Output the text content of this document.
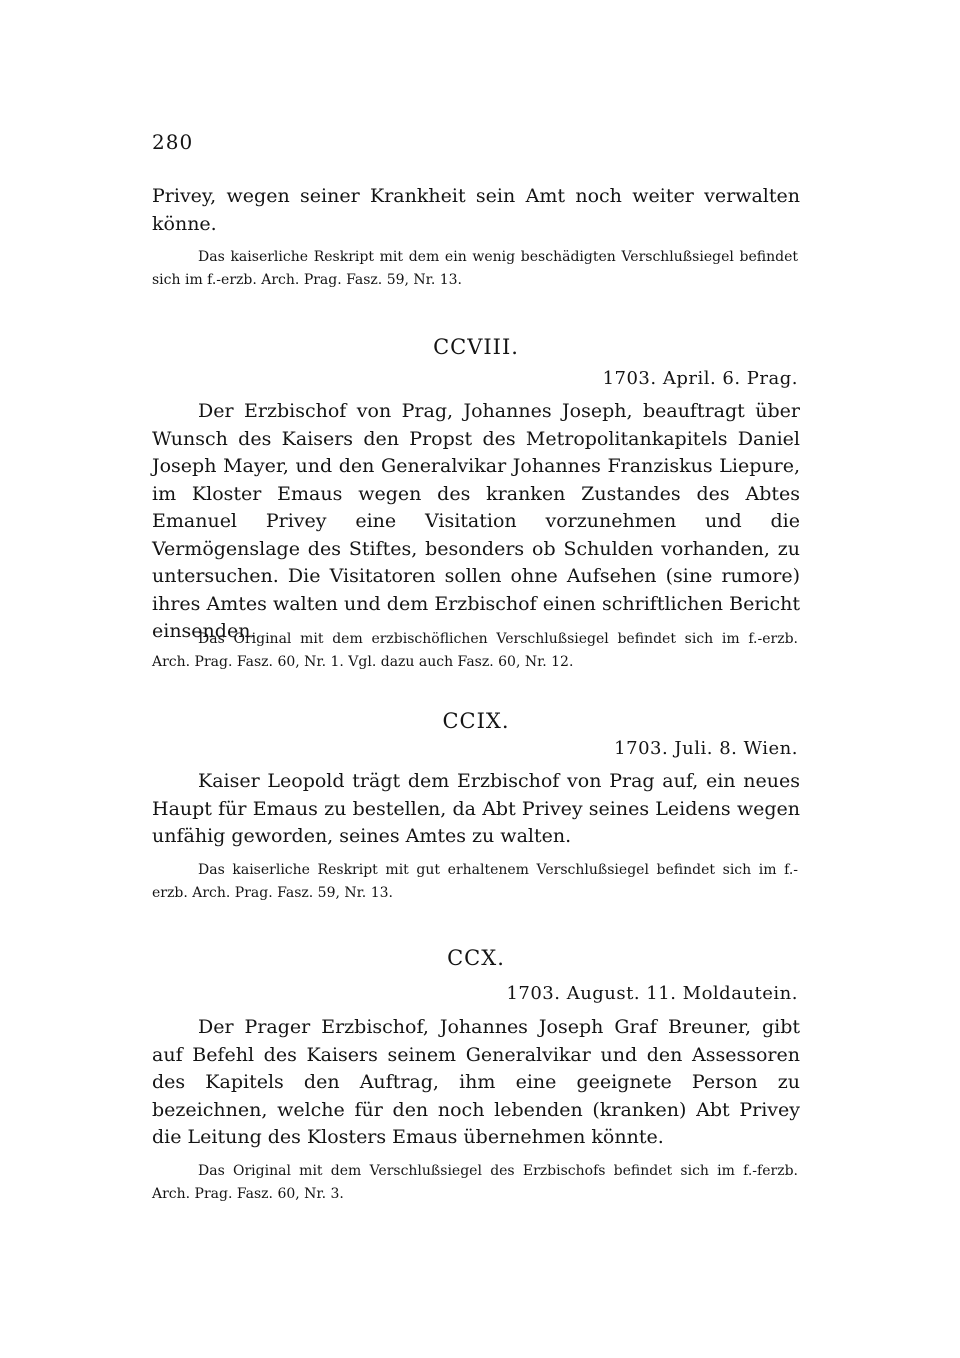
280
Privey, wegen seiner Krankheit sein Amt noch weiter verwalten könne.
Das kaiserliche Reskript mit dem ein wenig beschädigten Verschlußsiegel befindet sich im f.-erzb. Arch. Prag. Fasz. 59, Nr. 13.
CCVIII.
1703. April. 6. Prag.
Der Erzbischof von Prag, Johannes Joseph, beauftragt über Wunsch des Kaisers den Propst des Metropolitankapitels Daniel Joseph Mayer, und den Generalvikar Johannes Franziskus Liepure, im Kloster Emaus wegen des kranken Zustandes des Abtes Emanuel Privey eine Visitation vorzunehmen und die Vermögenslage des Stiftes, besonders ob Schulden vorhanden, zu untersuchen. Die Visitatoren sollen ohne Aufsehen (sine rumore) ihres Amtes walten und dem Erzbischof einen schriftlichen Bericht einsenden.
Das Original mit dem erzbischöflichen Verschlußsiegel befindet sich im f.-erzb. Arch. Prag. Fasz. 60, Nr. 1. Vgl. dazu auch Fasz. 60, Nr. 12.
CCIX.
1703. Juli. 8. Wien.
Kaiser Leopold trägt dem Erzbischof von Prag auf, ein neues Haupt für Emaus zu bestellen, da Abt Privey seines Leidens wegen unfähig geworden, seines Amtes zu walten.
Das kaiserliche Reskript mit gut erhaltenem Verschlußsiegel befindet sich im f.-erzb. Arch. Prag. Fasz. 59, Nr. 13.
CCX.
1703. August. 11. Moldautein.
Der Prager Erzbischof, Johannes Joseph Graf Breuner, gibt auf Befehl des Kaisers seinem Generalvikar und den Assessoren des Kapitels den Auftrag, ihm eine geeignete Person zu bezeichnen, welche für den noch lebenden (kranken) Abt Privey die Leitung des Klosters Emaus übernehmen könnte.
Das Original mit dem Verschlußsiegel des Erzbischofs befindet sich im f.-ferzb. Arch. Prag. Fasz. 60, Nr. 3.
